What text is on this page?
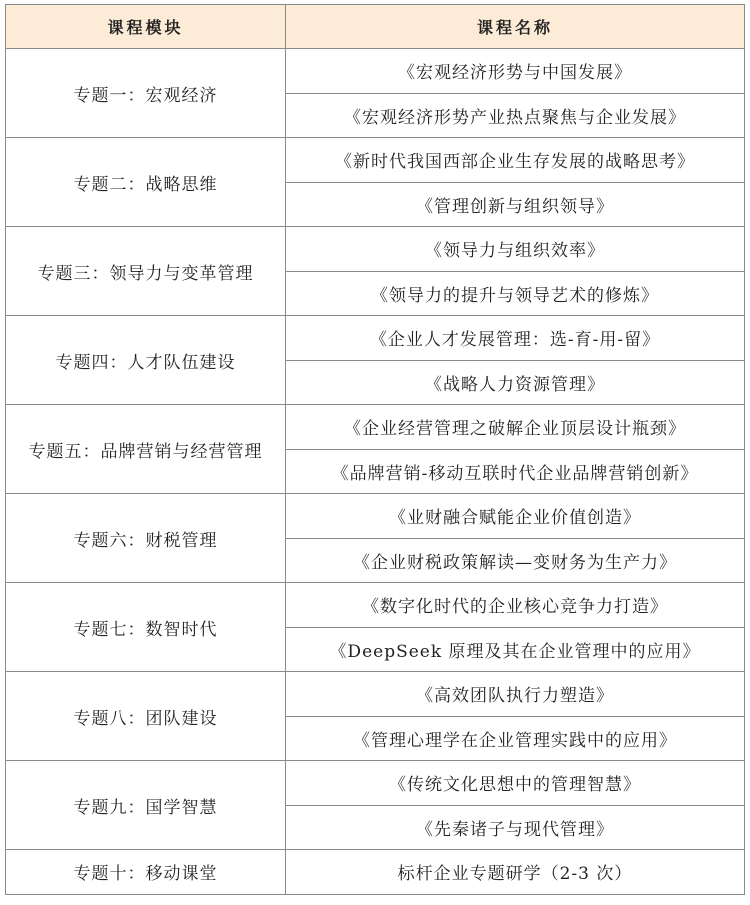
课程模块	课程名称
专题一：宏观经济	《宏观经济形势与中国发展》
	《宏观经济形势产业热点聚焦与企业发展》
专题二：战略思维	《新时代我国西部企业生存发展的战略思考》
	《管理创新与组织领导》
专题三：领导力与变革管理	《领导力与组织效率》
	《领导力的提升与领导艺术的修炼》
专题四：人才队伍建设	《企业人才发展管理：选-育-用-留》
	《战略人力资源管理》
专题五：品牌营销与经营管理	《企业经营管理之破解企业顶层设计瓶颈》
	《品牌营销-移动互联时代企业品牌营销创新》
专题六：财税管理	《业财融合赋能企业价值创造》
	《企业财税政策解读—变财务为生产力》
专题七：数智时代	《数字化时代的企业核心竞争力打造》
	《DeepSeek 原理及其在企业管理中的应用》
专题八：团队建设	《高效团队执行力塑造》
	《管理心理学在企业管理实践中的应用》
专题九：国学智慧	《传统文化思想中的管理智慧》
	《先秦诸子与现代管理》
专题十：移动课堂	标杆企业专题研学（2-3 次）
